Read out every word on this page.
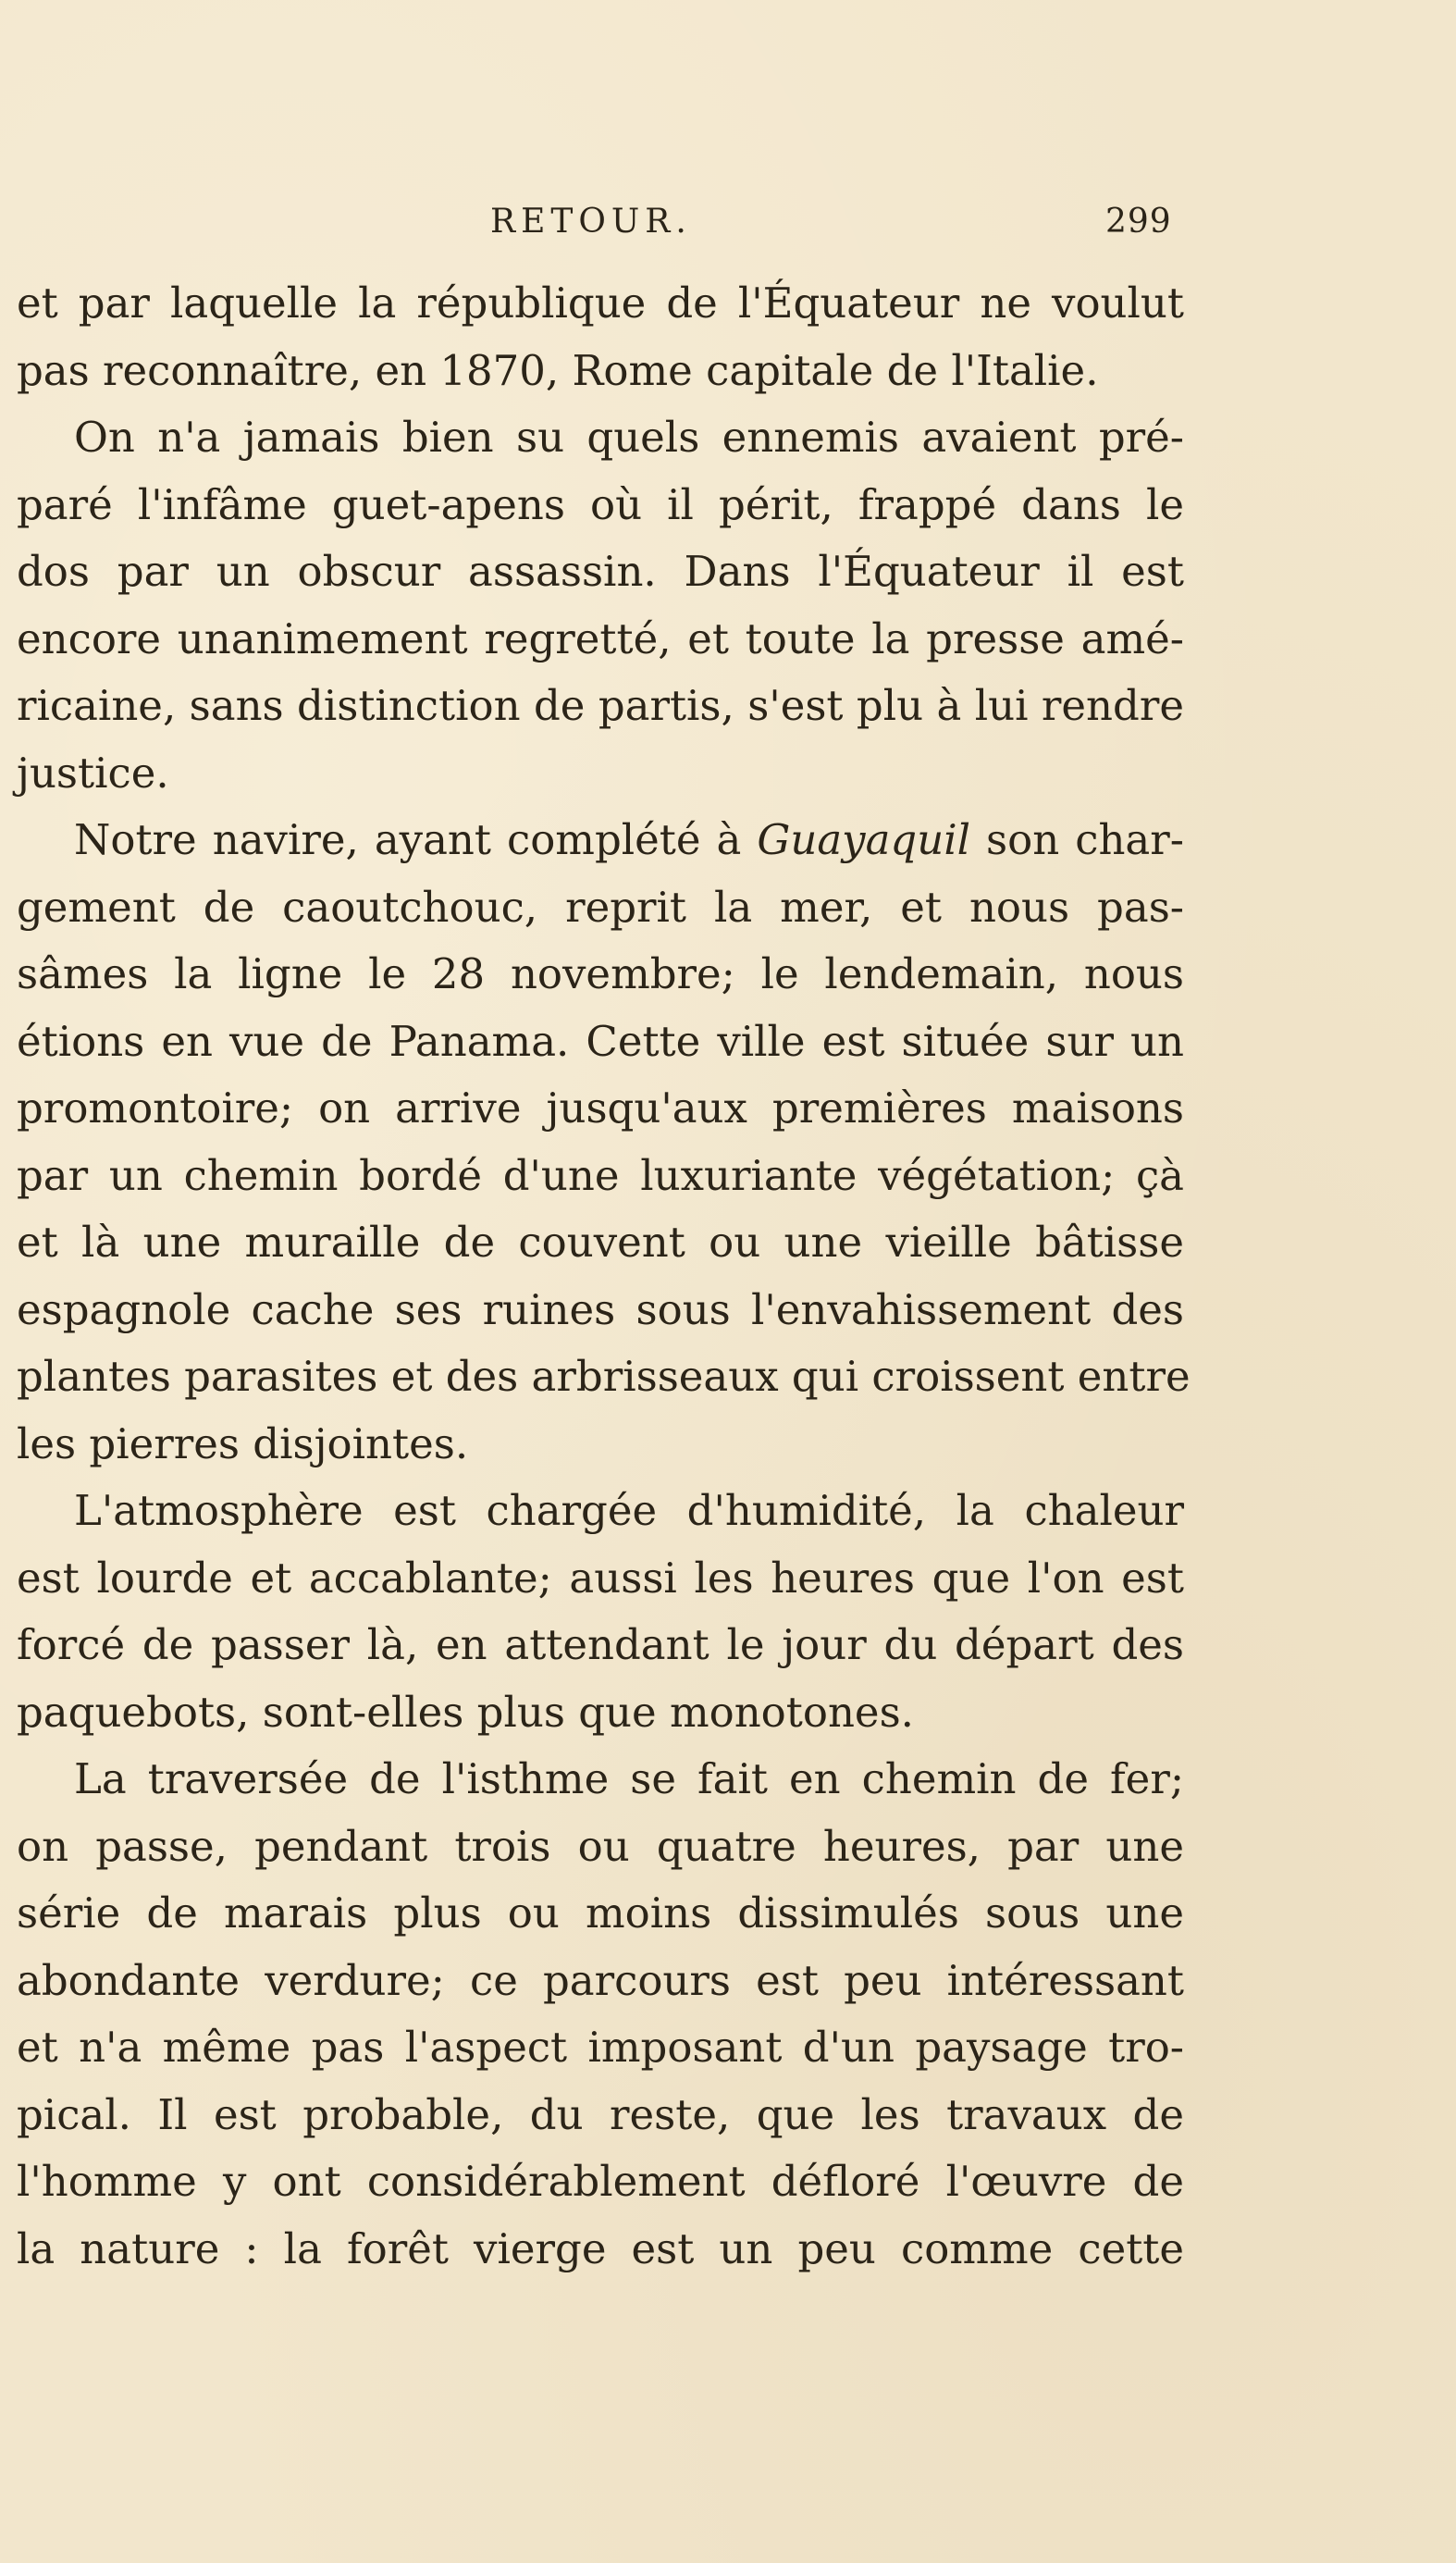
RETOUR.	299
et par laquelle la république de l'Équateur ne voulut
pas reconnaître, en 1870, Rome capitale de l'Italie.
On n'a jamais bien su quels ennemis avaient pré-
paré l'infâme guet-apens où il périt, frappé dans le
dos par un obscur assassin. Dans l'Équateur il est
encore unanimement regretté, et toute la presse amé-
ricaine, sans distinction de partis, s'est plu à lui rendre
justice.
Notre navire, ayant complété à Guayaquil son char-
gement de caoutchouc, reprit la mer, et nous pas-
sâmes la ligne le 28 novembre; le lendemain, nous
étions en vue de Panama. Cette ville est située sur un
promontoire; on arrive jusqu'aux premières maisons
par un chemin bordé d'une luxuriante végétation; çà
et là une muraille de couvent ou une vieille bâtisse
espagnole cache ses ruines sous l'envahissement des
plantes parasites et des arbrisseaux qui croissent entre
les pierres disjointes.
L'atmosphère est chargée d'humidité, la chaleur
est lourde et accablante; aussi les heures que l'on est
forcé de passer là, en attendant le jour du départ des
paquebots, sont-elles plus que monotones.
La traversée de l'isthme se fait en chemin de fer;
on passe, pendant trois ou quatre heures, par une
série de marais plus ou moins dissimulés sous une
abondante verdure; ce parcours est peu intéressant
et n'a même pas l'aspect imposant d'un paysage tro-
pical. Il est probable, du reste, que les travaux de
l'homme y ont considérablement défloré l'œuvre de
la nature : la forêt vierge est un peu comme cette
